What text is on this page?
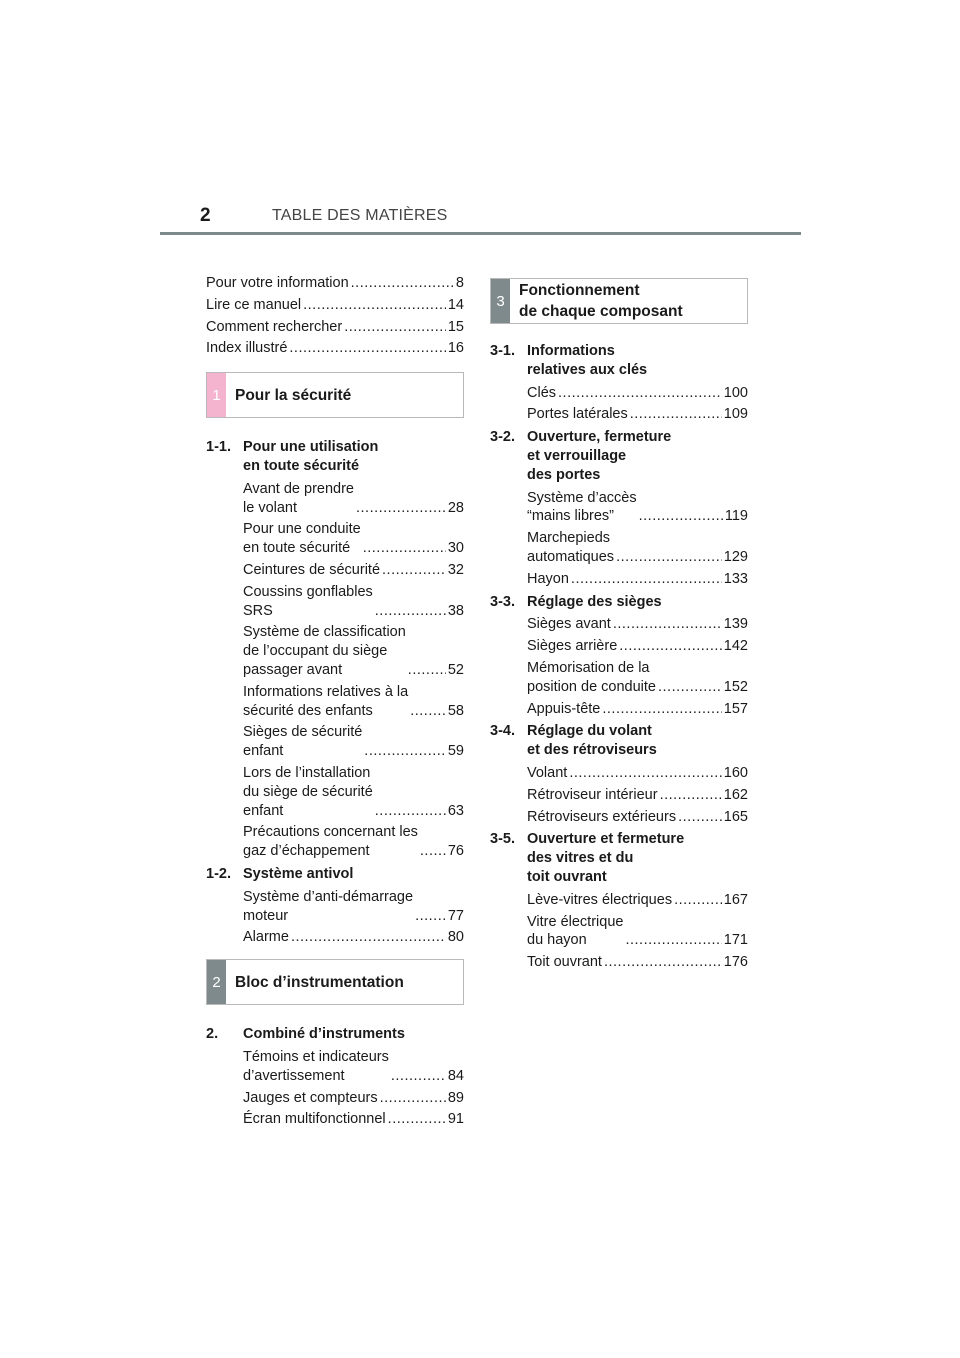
2	TABLE DES MATIÈRES
Pour votre information .....	8
Lire ce manuel .....	14
Comment rechercher .....	15
Index illustré .....	16
1 Pour la sécurité
1-1. Pour une utilisation
en toute sécurité
Avant de prendre
le volant .....	28
Pour une conduite
en toute sécurité .....	30
Ceintures de sécurité .....	32
Coussins gonflables
SRS .....	38
Système de classification
de l’occupant du siège
passager avant .....	52
Informations relatives à la
sécurité des enfants .....	58
Sièges de sécurité
enfant .....	59
Lors de l’installation
du siège de sécurité
enfant .....	63
Précautions concernant les
gaz d’échappement .....	76
1-2. Système antivol
Système d’anti-démarrage
moteur .....	77
Alarme .....	80
2 Bloc d’instrumentation
2.	Combiné d’instruments
Témoins et indicateurs
d’avertissement .....	84
Jauges et compteurs .....	89
Écran multifonctionnel .....	91
3
Fonctionnement
de chaque composant
3-1. Informations
relatives aux clés
Clés .....	100
Portes latérales .....	109
3-2. Ouverture, fermeture
et verrouillage
des portes
Système d’accès
“mains libres” .....	119
Marchepieds
automatiques .....	129
Hayon .....	133
3-3. Réglage des sièges
Sièges avant .....	139
Sièges arrière .....	142
Mémorisation de la
position de conduite .....	152
Appuis-tête .....	157
3-4. Réglage du volant
et des rétroviseurs
Volant .....	160
Rétroviseur intérieur .....	162
Rétroviseurs extérieurs .....	165
3-5. Ouverture et fermeture
des vitres et du
toit ouvrant
Lève-vitres électriques .....	167
Vitre électrique
du hayon .....	171
Toit ouvrant .....	176
